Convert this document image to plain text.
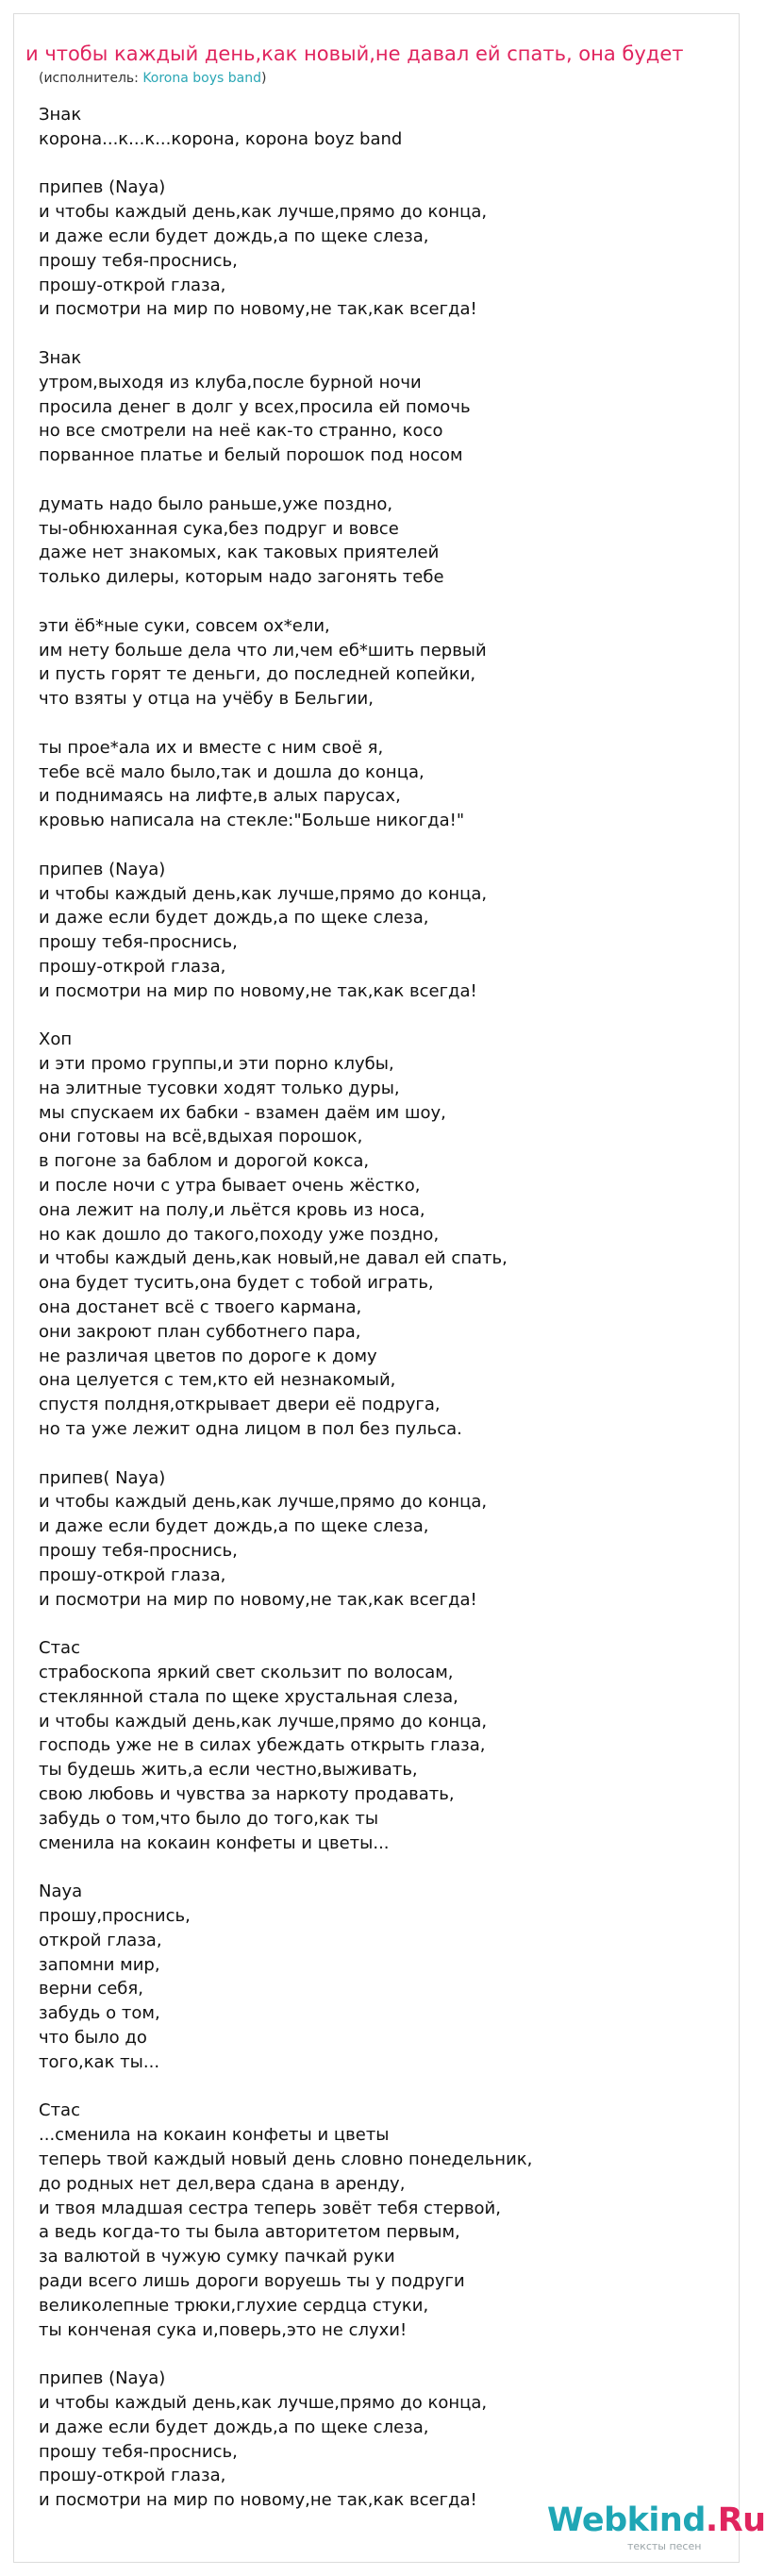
и чтобы каждый день,как новый,не давал ей спать, она будет
(исполнитель: Korona boys band)
Знак
корона...к...к...корона, корона boyz band
припев (Naya)
и чтобы каждый день,как лучше,прямо до конца,
и даже если будет дождь,а по щеке слеза,
прошу тебя-проснись,
прошу-открой глаза,
и посмотри на мир по новому,не так,как всегда!
Знак
утром,выходя из клуба,после бурной ночи
просила денег в долг у всех,просила ей помочь
но все смотрели на неё как-то странно, косо
порванное платье и белый порошок под носом
думать надо было раньше,уже поздно,
ты-обнюханная сука,без подруг и вовсе
даже нет знакомых, как таковых приятелей
только дилеры, которым надо загонять тебе
эти ёб*ные суки, совсем ох*ели,
им нету больше дела что ли,чем еб*шить первый
и пусть горят те деньги, до последней копейки,
что взяты у отца на учёбу в Бельгии,
ты прое*ала их и вместе с ним своё я,
тебе всё мало было,так и дошла до конца,
и поднимаясь на лифте,в алых парусах,
кровью написала на стекле:"Больше никогда!"
припев (Naya)
и чтобы каждый день,как лучше,прямо до конца,
и даже если будет дождь,а по щеке слеза,
прошу тебя-проснись,
прошу-открой глаза,
и посмотри на мир по новому,не так,как всегда!
Хоп
и эти промо группы,и эти порно клубы,
на элитные тусовки ходят только дуры,
мы спускаем их бабки - взамен даём им шоу,
они готовы на всё,вдыхая порошок,
в погоне за баблом и дорогой кокса,
и после ночи с утра бывает очень жёстко,
она лежит на полу,и льётся кровь из носа,
но как дошло до такого,походу уже поздно,
и чтобы каждый день,как новый,не давал ей спать,
она будет тусить,она будет с тобой играть,
она достанет всё с твоего кармана,
они закроют план субботнего пара,
не различая цветов по дороге к дому
она целуется с тем,кто ей незнакомый,
спустя полдня,открывает двери её подруга,
но та уже лежит одна лицом в пол без пульса.
припев( Naya)
и чтобы каждый день,как лучше,прямо до конца,
и даже если будет дождь,а по щеке слеза,
прошу тебя-проснись,
прошу-открой глаза,
и посмотри на мир по новому,не так,как всегда!
Стас
страбоскопа яркий свет скользит по волосам,
стеклянной стала по щеке хрустальная слеза,
и чтобы каждый день,как лучше,прямо до конца,
господь уже не в силах убеждать открыть глаза,
ты будешь жить,а если честно,выживать,
свою любовь и чувства за наркоту продавать,
забудь о том,что было до того,как ты
сменила на кокаин конфеты и цветы...
Naya
прошу,проснись,
открой глаза,
запомни мир,
верни себя,
забудь о том,
что было до
того,как ты...
Стас
...сменила на кокаин конфеты и цветы
теперь твой каждый новый день словно понедельник,
до родных нет дел,вера сдана в аренду,
и твоя младшая сестра теперь зовёт тебя стервой,
а ведь когда-то ты была авторитетом первым,
за валютой в чужую сумку пачкай руки
ради всего лишь дороги воруешь ты у подруги
великолепные трюки,глухие сердца стуки,
ты конченая сука и,поверь,это не слухи!
припев (Naya)
и чтобы каждый день,как лучше,прямо до конца,
и даже если будет дождь,а по щеке слеза,
прошу тебя-проснись,
прошу-открой глаза,
и посмотри на мир по новому,не так,как всегда!
Webkind.Ru
тексты песен
